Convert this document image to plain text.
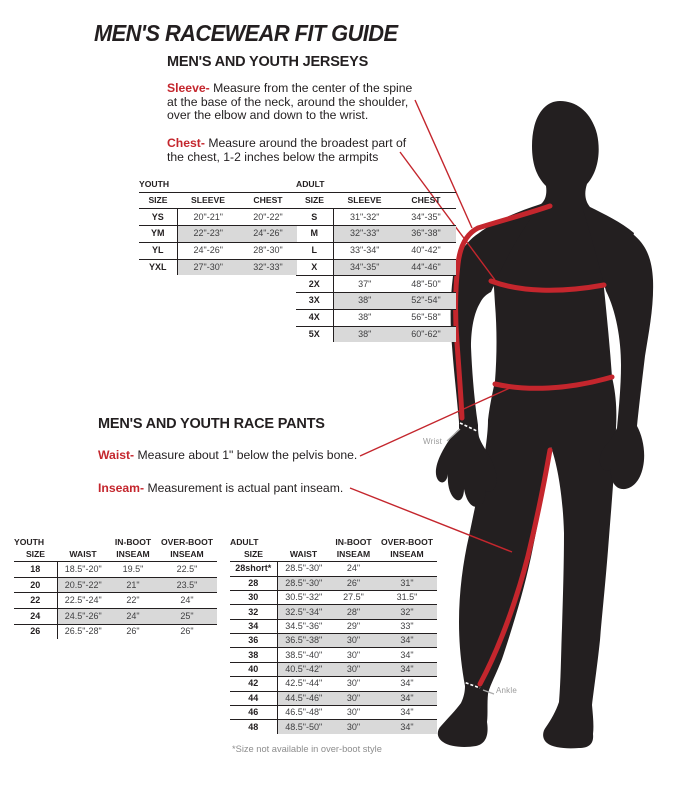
MEN'S RACEWEAR FIT GUIDE
MEN'S AND YOUTH JERSEYS
Sleeve- Measure from the center of the spine at the base of the neck, around the shoulder, over the elbow and down to the wrist.
Chest- Measure around the broadest part of the chest, 1-2 inches below the armpits
YOUTH		
SIZE	SLEEVE	CHEST
YS	20"-21"	20"-22"
YM	22"-23"	24"-26"
YL	24"-26"	28"-30"
YXL	27"-30"	32"-33"
ADULT		
SIZE	SLEEVE	CHEST
S	31"-32"	34"-35"
M	32"-33"	36"-38"
L	33"-34"	40"-42"
X	34"-35"	44"-46"
2X	37"	48"-50"
3X	38"	52"-54"
4X	38"	56"-58"
5X	38"	60"-62"
MEN'S AND YOUTH RACE PANTS
Waist- Measure about 1" below the pelvis bone.
Inseam- Measurement is actual pant inseam.
YOUTH		IN-BOOT	OVER-BOOT
SIZE	WAIST	INSEAM	INSEAM
18	18.5"-20"	19.5"	22.5"
20	20.5"-22"	21"	23.5"
22	22.5"-24"	22"	24"
24	24.5"-26"	24"	25"
26	26.5"-28"	26"	26"
ADULT		IN-BOOT	OVER-BOOT
SIZE	WAIST	INSEAM	INSEAM
28short*	28.5"-30"	24"	
28	28.5"-30"	26"	31"
30	30.5"-32"	27.5"	31.5"
32	32.5"-34"	28"	32"
34	34.5"-36"	29"	33"
36	36.5"-38"	30"	34"
38	38.5"-40"	30"	34"
40	40.5"-42"	30"	34"
42	42.5"-44"	30"	34"
44	44.5"-46"	30"	34"
46	46.5"-48"	30"	34"
48	48.5"-50"	30"	34"
*Size not available in over-boot style
Wrist
Ankle
